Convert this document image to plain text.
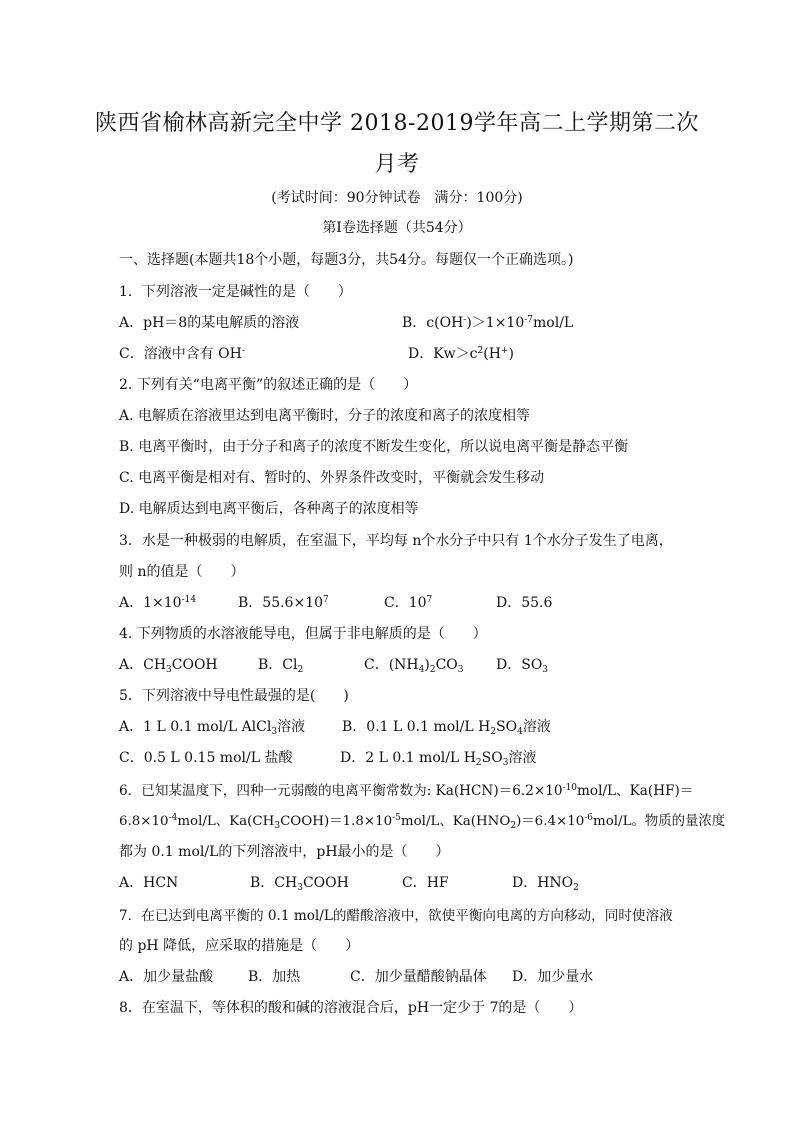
陕西省榆林高新完全中学 2018-2019学年高二上学期第二次
月考
(考试时间：90分钟试卷　满分：100分)
第Ⅰ卷选择题（共54分）
一、选择题(本题共18个小题，每题3分，共54分。每题仅一个正确选项。)
1．下列溶液一定是碱性的是（　　）
A．pH＝8的某电解质的溶液	B．$c(OH^-)>1\times 10^{-7}mol/L$
C．溶液中含有 OH-	D．$Kw>c^2(H^+)$
2. 下列有关“电离平衡”的叙述正确的是（　　）
A. 电解质在溶液里达到电离平衡时，分子的浓度和离子的浓度相等
B. 电离平衡时，由于分子和离子的浓度不断发生变化，所以说电离平衡是静态平衡
C. 电离平衡是相对有、暂时的、外界条件改变时，平衡就会发生移动
D. 电解质达到电离平衡后，各种离子的浓度相等
3．水是一种极弱的电解质，在室温下，平均每 n个水分子中只有 1个水分子发生了电离，
则 n的值是（　　）
A．$1\times 10^{-14}$	B．$55.6\times 10^7$	C．$10^7$	D．55.6
4. 下列物质的水溶液能导电，但属于非电解质的是（　　）
A．$CH_3COOH$	B．$Cl_2$	C．$(NH_4)_2CO_3$ D．$SO_3$
5．下列溶液中导电性最强的是(　　)
A．1 L 0.1 mol/L AlCl$_3$溶液	B．0.1 L 0.1 mol/L $H_2SO_4$溶液
C．0.5 L 0.15 mol/L 盐酸	D．2 L 0.1 mol/L $H_2SO_3$溶液
6．已知某温度下，四种一元弱酸的电离平衡常数为: $Ka(HCN)=6.2\times 10^{-10}mol/L$、Ka(HF)＝
$6.8\times 10^{-4}mol/L$、$Ka(CH_3COOH)=1.8\times 10^{-5}mol/L$、$Ka(HNO_2)=6.4\times 10^{-6}mol/L$。物质的量浓度
都为 0.1 mol/L的下列溶液中，pH最小的是（　　）
A．HCN	B．$CH_3COOH$	C．HF	D．$HNO_2$
7．在已达到电离平衡的 0.1 mol/L的醋酸溶液中，欲使平衡向电离的方向移动，同时使溶液
的 pH 降低，应采取的措施是（　　）
A．加少量盐酸 B．加热	C．加少量醋酸钠晶体 D．加少量水
8．在室温下，等体积的酸和碱的溶液混合后，pH一定少于 7的是（　　）
